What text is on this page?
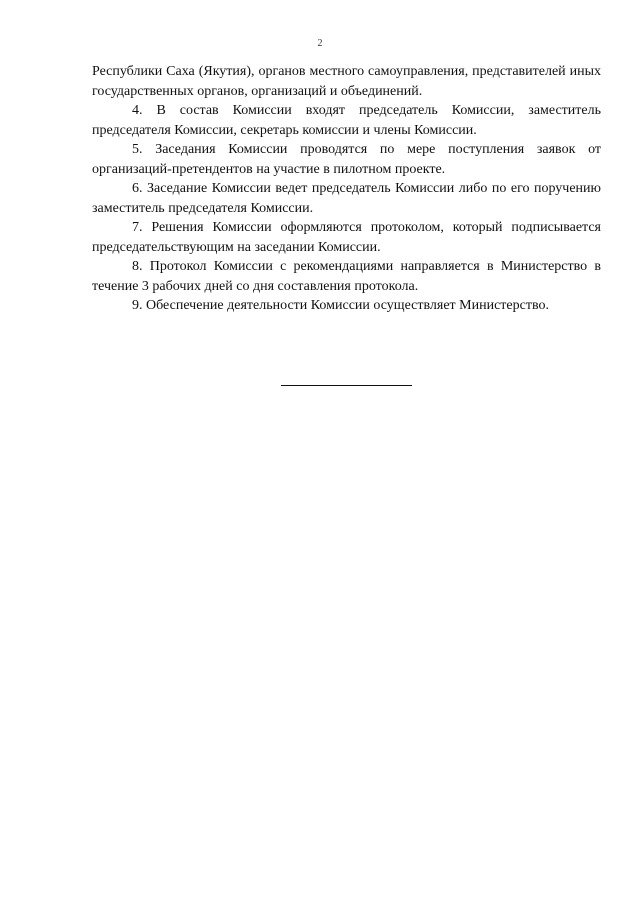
2

Республики Саха (Якутия), органов местного самоуправления, представителей иных государственных органов, организаций и объединений.

4. В состав Комиссии входят председатель Комиссии, заместитель председателя Комиссии, секретарь комиссии и члены Комиссии.

5. Заседания Комиссии проводятся по мере поступления заявок от организаций-претендентов на участие в пилотном проекте.

6. Заседание Комиссии ведет председатель Комиссии либо по его поручению заместитель председателя Комиссии.

7. Решения Комиссии оформляются протоколом, который подписывается председательствующим на заседании Комиссии.

8. Протокол Комиссии с рекомендациями направляется в Министерство в течение 3 рабочих дней со дня составления протокола.

9. Обеспечение деятельности Комиссии осуществляет Министерство.
